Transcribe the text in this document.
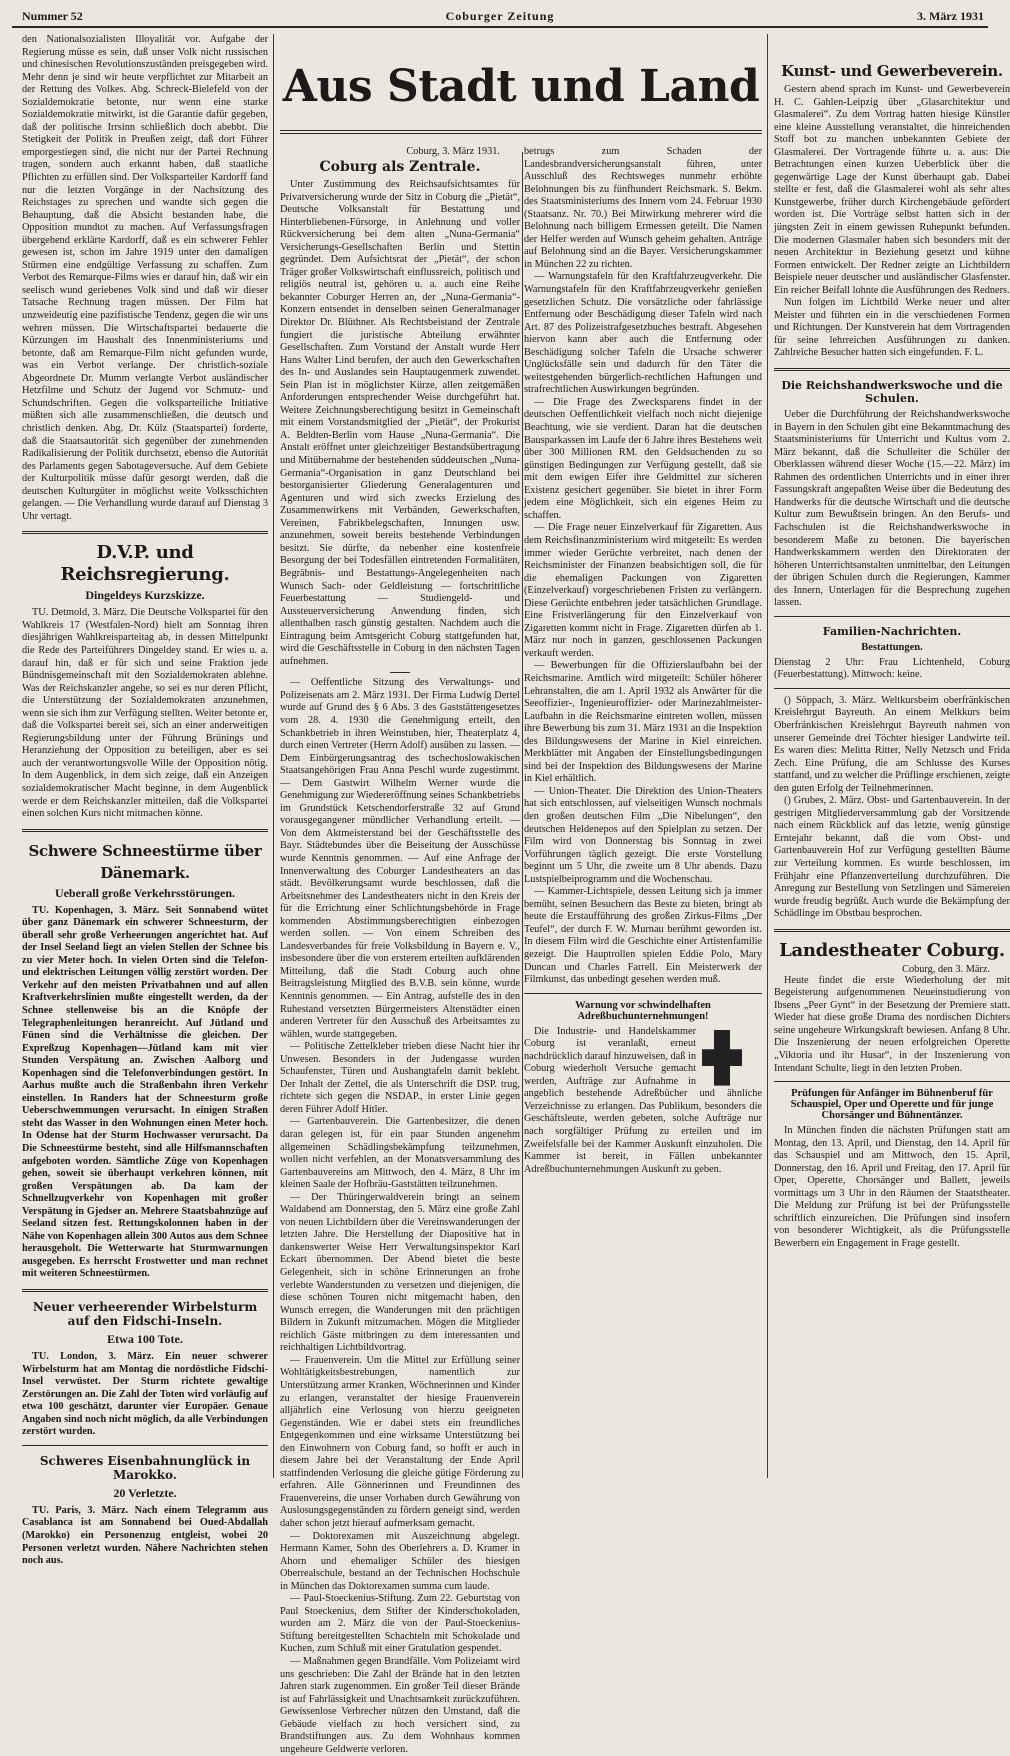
Nummer 52	Coburger Zeitung	3. März 1931
Aus Stadt und Land

den Nationalsozialisten Illoyalität vor. Aufgabe der Regierung müsse es sein, daß unser Volk nicht russischen und chinesischen Revolutionszuständen preisgegeben wird. Mehr denn je sind wir heute verpflichtet zur Mitarbeit an der Rettung des Volkes. Abg. Schreck-Bielefeld von der Sozialdemokratie betonte, nur wenn eine starke Sozialdemokratie mitwirkt, ist die Garantie dafür gegeben, daß der politische Irrsinn schließlich doch abebbt. Die Stetigkeit der Politik in Preußen zeigt, daß dort Führer emporgestiegen sind, die nicht nur der Partei Rechnung tragen, sondern auch erkannt haben, daß staatliche Pflichten zu erfüllen sind. Der Volksparteiler Kardorff fand nur die letzten Vorgänge in der Nachsitzung des Reichstages zu sprechen und wandte sich gegen die Behauptung, daß die Absicht bestanden habe, die Opposition mundtot zu machen. Auf Verfassungsfragen übergehend erklärte Kardorff, daß es ein schwerer Fehler gewesen ist, schon im Jahre 1919 unter den damaligen Stürmen eine endgültige Verfassung zu schaffen. Zum Verbot des Remarque-Films wies er darauf hin, daß wir ein seelisch wund geriebenes Volk sind und daß wir dieser Tatsache Rechnung tragen müssen. Der Film hat unzweideutig eine pazifistische Tendenz, gegen die wir uns wehren müssen. Die Wirtschaftspartei bedauerte die Kürzungen im Haushalt des Innenministeriums und betonte, daß am Remarque-Film nicht gefunden wurde, was ein Verbot verlange. Der christlich-soziale Abgeordnete Dr. Mumm verlangte Verbot ausländischer Hetzfilme und Schutz der Jugend vor Schmutz- und Schundschriften. Gegen die volksparteiliche Initiative müßten sich alle zusammenschließen, die deutsch und christlich denken. Abg. Dr. Külz (Staatspartei) forderte, daß die Staatsautorität sich gegenüber der zunehmenden Radikalisierung der Politik durchsetzt, ebenso die Autorität des Parlaments gegen Sabotageversuche. Auf dem Gebiete der Kulturpolitik müsse dafür gesorgt werden, daß die deutschen Kulturgüter in möglichst weite Volksschichten gelangen. — Die Verhandlung wurde darauf auf Dienstag 3 Uhr vertagt.

D.V.P. und Reichsregierung.
Dingeldeys Kurzskizze.

TU. Detmold, 3. März. Die Deutsche Volkspartei für den Wahlkreis 17 (Westfalen-Nord) hielt am Sonntag ihren diesjährigen Wahlkreisparteitag ab, in dessen Mittelpunkt die Rede des Parteiführers Dingeldey stand. Er wies u. a. darauf hin, daß er für sich und seine Fraktion jede Bündnisgemeinschaft mit den Sozialdemokraten ablehne. Was der Reichskanzler angehe, so sei es nur deren Pflicht, die Unterstützung der Sozialdemokraten anzunehmen, wenn sie sich ihm zur Verfügung stellten. Weiter betonte er, daß die Volkspartei bereit sei, sich an einer anderweitigen Regierungsbildung unter der Führung Brünings und Heranziehung der Opposition zu beteiligen, aber es sei auch der verantwortungsvolle Wille der Opposition nötig. In dem Augenblick, in dem sich zeige, daß ein Anzeigen sozialdemokratischer Macht beginne, in dem Augenblick werde er dem Reichskanzler mitteilen, daß die Volkspartei einen solchen Kurs nicht mitmachen könne.

Schwere Schneestürme über Dänemark.
Ueberall große Verkehrsstörungen.

TU. Kopenhagen, 3. März. Seit Sonnabend wütet über ganz Dänemark ein schwerer Schneesturm, der überall sehr große Verheerungen angerichtet hat. Auf der Insel Seeland liegt an vielen Stellen der Schnee bis zu vier Meter hoch. In vielen Orten sind die Telefon- und elektrischen Leitungen völlig zerstört worden. Der Verkehr auf den meisten Privatbahnen und auf allen Kraftverkehrslinien mußte eingestellt werden, da der Schnee stellenweise bis an die Knöpfe der Telegraphenleitungen heranreicht. Auf Jütland und Fünen sind die Verhältnisse die gleichen. Der Expreßzug Kopenhagen—Jütland kam mit vier Stunden Verspätung an. Zwischen Aalborg und Kopenhagen sind die Telefonverbindungen gestört. In Aarhus mußte auch die Straßenbahn ihren Verkehr einstellen. In Randers hat der Schneesturm große Ueberschwemmungen verursacht. In einigen Straßen steht das Wasser in den Wohnungen einen Meter hoch. In Odense hat der Sturm Hochwasser verursacht. Da Die Schneestürme besteht, sind alle Hilfsmannschaften aufgeboten worden. Sämtliche Züge von Kopenhagen gehen, soweit sie überhaupt verkehren können, mit großen Verspätungen ab. Da kam der Schnellzugverkehr von Kopenhagen mit großer Verspätung in Gjedser an. Mehrere Staatsbahnzüge auf Seeland sitzen fest. Rettungskolonnen haben in der Nähe von Kopenhagen allein 300 Autos aus dem Schnee herausgeholt. Die Wetterwarte hat Sturmwarnungen ausgegeben. Es herrscht Frostwetter und man rechnet mit weiteren Schneestürmen.

Neuer verheerender Wirbelsturm auf den Fidschi-Inseln.
Etwa 100 Tote.

TU. London, 3. März. Ein neuer schwerer Wirbelsturm hat am Montag die nordöstliche Fidschi-Insel verwüstet. Der Sturm richtete gewaltige Zerstörungen an. Die Zahl der Toten wird vorläufig auf etwa 100 geschätzt, darunter vier Europäer. Genaue Angaben sind noch nicht möglich, da alle Verbindungen zerstört wurden.

Schweres Eisenbahnunglück in Marokko.
20 Verletzte.

TU. Paris, 3. März. Nach einem Telegramm aus Casablanca ist am Sonnabend bei Oued-Abdallah (Marokko) ein Personenzug entgleist, wobei 20 Personen verletzt wurden. Nähere Nachrichten stehen noch aus.

Coburg, 3. März 1931.
Coburg als Zentrale.

Unter Zustimmung des Reichsaufsichtsamtes für Privatversicherung wurde der Sitz in Coburg die „Pietät“, Deutsche Volksanstalt für Bestattung und Hinterbliebenen-Fürsorge, in Anlehnung und voller Rückversicherung bei dem alten „Nuna-Germania“ Versicherungs-Gesellschaften Berlin und Stettin gegründet. Dem Aufsichtsrat der „Pietät“, der schon Träger großer Volkswirtschaft einflussreich, politisch und religiös neutral ist, gehören u. a. auch eine Reihe bekannter Coburger Herren an, der „Nuna-Germania“-Konzern entsendet in denselben seinen Generalmanager Direktor Dr. Blüthner. Als Rechtsbeistand der Zentrale fungiert die juristische Abteilung erwähnter Gesellschaften. Zum Vorstand der Anstalt wurde Herr Hans Walter Lind berufen, der auch den Gewerkschaften des In- und Auslandes sein Hauptaugenmerk zuwendet. Sein Plan ist in möglichster Kürze, allen zeitgemäßen Anforderungen entsprechender Weise durchgeführt hat. Weitere Zeichnungsberechtigung besitzt in Gemeinschaft mit einem Vorstandsmitglied der „Pietät“, der Prokurist A. Beldten-Berlin vom Hause „Nuna-Germania“. Die Anstalt eröffnet unter gleichzeitiger Bestandsübertragung und Mitübernahme der bestehenden süddeutschen „Nuna-Germania“-Organisation in ganz Deutschland bei bestorganisierter Gliederung Generalagenturen und Agenturen und wird sich zwecks Erzielung des Zusammenwirkens mit Verbänden, Gewerkschaften, Vereinen, Fabrikbelegschaften, Innungen usw. anzunehmen, soweit bereits bestehende Verbindungen besitzt. Sie dürfte, da nebenher eine kostenfreie Besorgung der bei Todesfällen eintretenden Formalitäten, Begräbnis- und Bestattungs-Angelegenheiten nach Wunsch Sach- oder Geldleistung — fortschrittliche Feuerbestattung — Studiengeld- und Aussteuerversicherung Anwendung finden, sich allenthalben rasch günstig gestalten. Nachdem auch die Eintragung beim Amtsgericht Coburg stattgefunden hat, wird die Geschäftsstelle in Coburg in den nächsten Tagen aufnehmen.

— Oeffentliche Sitzung des Verwaltungs- und Polizeisenats am 2. März 1931. Der Firma Ludwig Dertel wurde auf Grund des § 6 Abs. 3 des Gaststättengesetzes vom 28. 4. 1930 die Genehmigung erteilt, den Schankbetrieb in ihren Weinstuben, hier, Theaterplatz 4, durch einen Vertreter (Herrn Adolf) ausüben zu lassen. — Dem Einbürgerungsantrag des tschechoslowakischen Staatsangehörigen Frau Anna Peschl wurde zugestimmt. — Dem Gastwirt Wilhelm Werner wurde die Genehmigung zur Wiedereröffnung seines Schankbetriebs im Grundstück Ketschendorferstraße 32 auf Grund vorausgegangener mündlicher Verhandlung erteilt. — Von dem Aktmeisterstand bei der Geschäftsstelle des Bayr. Städtebundes über die Beiseitung der Ausschüsse wurde Kenntnis genommen. — Auf eine Anfrage der Innenverwaltung des Coburger Landestheaters an das städt. Bevölkerungsamt wurde beschlossen, daß die Arbeitsnehmer des Landestheaters nicht in den Kreis der für die Errichtung einer Schlichtungsbehörde in Frage kommenden Abstimmungsberechtigten einbezogen werden sollen. — Von einem Schreiben des Landesverbandes für freie Volksbildung in Bayern e. V., insbesondere über die von ersterem erteilten aufklärenden Mitteilung, daß die Stadt Coburg auch ohne Beitragsleistung Mitglied des B.V.B. sein könne, wurde Kenntnis genommen. — Ein Antrag, aufstelle des in den Ruhestand versetzten Bürgermeisters Altenstädter einen anderen Vertreter für den Ausschuß des Arbeitsamtes zu wählen, wurde stattgegeben.

— Politische Zettelkleber trieben diese Nacht hier ihr Unwesen. Besonders in der Judengasse wurden Schaufenster, Türen und Aushangtafeln damit beklebt. Der Inhalt der Zettel, die als Unterschrift die DSP. trug, richtete sich gegen die NSDAP., in erster Linie gegen deren Führer Adolf Hitler.

— Gartenbauverein. Die Gartenbesitzer, die denen daran gelegen ist, für ein paar Stunden angenehm allgemeinen Schädlingsbekämpfung teilzunehmen, wollen nicht verfehlen, an der Monatsversammlung des Gartenbauvereins am Mittwoch, den 4. März, 8 Uhr im kleinen Saale der Hofbräu-Gaststätten teilzunehmen.

— Der Thüringerwaldverein bringt an seinem Waldabend am Donnerstag, den 5. März eine große Zahl von neuen Lichtbildern über die Vereinswanderungen der letzten Jahre. Die Herstellung der Diapositive hat in dankenswerter Weise Herr Verwaltungsinspektor Karl Eckart übernommen. Der Abend bietet die beste Gelegenheit, sich in schöne Erinnerungen an frohe verlebte Wanderstunden zu versetzen und diejenigen, die diese schönen Touren nicht mitgemacht haben, den Wunsch erregen, die Wanderungen mit den prächtigen Bildern in Zukunft mitzumachen. Mögen die Mitglieder reichlich Gäste mitbringen zu dem interessanten und reichhaltigen Lichtbildvortrag.

— Frauenverein. Um die Mittel zur Erfüllung seiner Wohltätigkeitsbestrebungen, namentlich zur Unterstützung armer Kranken, Wöchnerinnen und Kinder zu erlangen, veranstaltet der hiesige Frauenverein alljährlich eine Verlosung von hierzu geeigneten Gegenständen. Wie er dabei stets ein freundliches Entgegenkommen und eine wirksame Unterstützung bei den Einwohnern von Coburg fand, so hofft er auch in diesem Jahre bei der Veranstaltung der Ende April stattfindenden Verlosung die gleiche gütige Förderung zu erfahren. Alle Gönnerinnen und Freundinnen des Frauenvereins, die unser Vorhaben durch Gewährung von Auslosungsgegenständen zu fördern geneigt sind, werden daher schon jetzt hierauf aufmerksam gemacht.

— Doktorexamen mit Auszeichnung abgelegt. Hermann Kamer, Sohn des Oberlehrers a. D. Kramer in Ahorn und ehemaliger Schüler des hiesigen Oberrealschule, bestand an der Technischen Hochschule in München das Doktorexamen summa cum laude.

— Paul-Stoeckenius-Stiftung. Zum 22. Geburtstag von Paul Stoeckenius, dem Stifter der Kinderschokoladen, wurden am 2. März die von der Paul-Stoeckenius-Stiftung bereitgestellten Schachteln mit Schokolade und Kuchen, zum Schluß mit einer Gratulation gespendet.

— Maßnahmen gegen Brandfälle. Vom Polizeiamt wird uns geschrieben: Die Zahl der Brände hat in den letzten Jahren stark zugenommen. Ein großer Teil dieser Brände ist auf Fahrlässigkeit und Unachtsamkeit zurückzuführen. Gewissenlose Verbrecher nützen den Umstand, daß die Gebäude vielfach zu hoch versichert sind, zu Brandstiftungen aus. Zu dem Wohnhaus kommen ungeheure Geldwerte verloren.

betrugs zum Schaden der Landesbrandversicherungsanstalt führen, unter Ausschluß des Rechtsweges nunmehr erhöhte Belohnungen bis zu fünfhundert Reichsmark. S. Bekm. des Staatsministeriums des Innern vom 24. Februar 1930 (Staatsanz. Nr. 70.) Bei Mitwirkung mehrerer wird die Belohnung nach billigem Ermessen geteilt. Die Namen der Helfer werden auf Wunsch geheim gehalten. Anträge auf Belohnung sind an die Bayer. Versicherungskammer in München 22 zu richten.

— Warnungstafeln für den Kraftfahrzeugverkehr. Die Warnungstafeln für den Kraftfahrzeugverkehr genießen gesetzlichen Schutz. Die vorsätzliche oder fahrlässige Entfernung oder Beschädigung dieser Tafeln wird nach Art. 87 des Polizeistrafgesetzbuches bestraft. Abgesehen hiervon kann aber auch die Entfernung oder Beschädigung solcher Tafeln die Ursache schwerer Unglücksfälle sein und dadurch für den Täter die weitestgehenden bürgerlich-rechtlichen Haftungen und strafrechtlichen Auswirkungen begründen.

— Die Frage des Zwecksparens findet in der deutschen Oeffentlichkeit vielfach noch nicht diejenige Beachtung, wie sie verdient. Daran hat die deutschen Bausparkassen im Laufe der 6 Jahre ihres Bestehens weit über 300 Millionen RM. den Geldsuchenden zu so günstigen Bedingungen zur Verfügung gestellt, daß sie mit dem ewigen Eifer ihre Geldmittel zur sicheren Existenz gesichert gegenüber. Sie bietet in ihrer Form jedem eine Möglichkeit, sich ein eigenes Heim zu schaffen.

— Die Frage neuer Einzelverkauf für Zigaretten. Aus dem Reichsfinanzministerium wird mitgeteilt: Es werden immer wieder Gerüchte verbreitet, nach denen der Reichsminister der Finanzen beabsichtigen soll, die für die ehemaligen Packungen von Zigaretten (Einzelverkauf) vorgeschriebenen Fristen zu verlängern. Diese Gerüchte entbehren jeder tatsächlichen Grundlage. Eine Fristverlängerung für den Einzelverkauf von Zigaretten kommt nicht in Frage. Zigaretten dürfen ab 1. März nur noch in ganzen, geschlossenen Packungen verkauft werden.

— Bewerbungen für die Offizierslaufbahn bei der Reichsmarine. Amtlich wird mitgeteilt: Schüler höherer Lehranstalten, die am 1. April 1932 als Anwärter für die Seeoffizier-, Ingenieuroffizier- oder Marinezahlmeister-Laufbahn in die Reichsmarine eintreten wollen, müssen ihre Bewerbung bis zum 31. März 1931 an die Inspektion des Bildungswesens der Marine in Kiel einreichen. Merkblätter mit Angaben der Einstellungsbedingungen sind bei der Inspektion des Bildungswesens der Marine in Kiel erhältlich.

— Union-Theater. Die Direktion des Union-Theaters hat sich entschlossen, auf vielseitigen Wunsch nochmals den großen deutschen Film „Die Nibelungen“, den deutschen Heldenepos auf den Spielplan zu setzen. Der Film wird von Donnerstag bis Sonntag in zwei Vorführungen täglich gezeigt. Die erste Vorstellung beginnt um 5 Uhr, die zweite um 8 Uhr abends. Dazu Lustspielbeiprogramm und die Wochenschau.

— Kammer-Lichtspiele, dessen Leitung sich ja immer bemüht, seinen Besuchern das Beste zu bieten, bringt ab heute die Erstaufführung des großen Zirkus-Films „Der Teufel“, der durch F. W. Murnau berühmt geworden ist. In diesem Film wird die Geschichte einer Artistenfamilie gezeigt. Die Hauptrollen spielen Eddie Polo, Mary Duncan und Charles Farrell. Ein Meisterwerk der Filmkunst, das unbedingt gesehen werden muß.

Warnung vor schwindelhaften Adreßbuchunternehmungen!

Die Industrie- und Handelskammer Coburg ist veranlaßt, erneut nachdrücklich darauf hinzuweisen, daß in Coburg wiederholt Versuche gemacht werden, Aufträge zur Aufnahme in angeblich bestehende Adreßbücher und ähnliche Verzeichnisse zu erlangen. Das Publikum, besonders die Geschäftsleute, werden gebeten, solche Aufträge nur nach sorgfältiger Prüfung zu erteilen und im Zweifelsfalle bei der Kammer Auskunft einzuholen. Die Kammer ist bereit, in Fällen unbekannter Adreßbuchunternehmungen Auskunft zu geben.

Kunst- und Gewerbeverein.

Gestern abend sprach im Kunst- und Gewerbeverein H. C. Gahlen-Leipzig über „Glasarchitektur und Glasmalerei“. Zu dem Vortrag hatten hiesige Künstler eine kleine Ausstellung veranstaltet, die hinreichenden Stoff bot zu manchen unbekannten Gebiete der Glasmalerei. Der Vortragende führte u. a. aus: Die Betrachtungen einen kurzen Ueberblick über die gegenwärtige Lage der Kunst überhaupt gab. Dabei stellte er fest, daß die Glasmalerei wohl als sehr altes Kunstgewerbe, früher durch Kirchengebäude gefördert worden ist. Die Vorträge selbst hatten sich in der jüngsten Zeit in einem gewissen Ruhepunkt befunden. Die modernen Glasmaler haben sich besonders mit der neuen Architektur in Beziehung gesetzt und kühne Formen entwickelt. Der Redner zeigte an Lichtbildern Beispiele neuer deutscher und ausländischer Glasfenster. Ein reicher Beifall lohnte die Ausführungen des Redners.

Nun folgen im Lichtbild Werke neuer und alter Meister und führten ein in die verschiedenen Formen und Richtungen. Der Kunstverein hat dem Vortragenden für seine lehrreichen Ausführungen zu danken. Zahlreiche Besucher hatten sich eingefunden. F. L.

Die Reichshandwerkswoche und die Schulen.

Ueber die Durchführung der Reichshandwerkswoche in Bayern in den Schulen gibt eine Bekanntmachung des Staatsministeriums für Unterricht und Kultus vom 2. März bekannt, daß die Schulleiter die Schüler der Oberklassen während dieser Woche (15.—22. März) im Rahmen des ordentlichen Unterrichts und in einer ihrer Fassungskraft angepaßten Weise über die Bedeutung des Handwerks für die deutsche Wirtschaft und die deutsche Kultur zum Bewußtsein bringen. An den Berufs- und Fachschulen ist die Reichshandwerkswoche in besonderem Maße zu betonen. Die bayerischen Handwerkskammern werden den Direktoraten der höheren Unterrichtsanstalten unmittelbar, den Leitungen der übrigen Schulen durch die Regierungen, Kammer des Innern, Unterlagen für die Besprechung zugehen lassen.

Familien-Nachrichten.
Bestattungen.

Dienstag 2 Uhr: Frau Lichtenheld, Coburg (Feuerbestattung). Mittwoch: keine.

() Söppach, 3. März. Weltkursbeim oberfränkischen Kreislehrgut Bayreuth. An einem Melkkurs beim Oberfränkischen Kreislehrgut Bayreuth nahmen von unserer Gemeinde drei Töchter hiesiger Landwirte teil. Es waren dies: Melitta Ritter, Nelly Netzsch und Frida Zech. Eine Prüfung, die am Schlusse des Kurses stattfand, und zu welcher die Prüflinge erschienen, zeigte den guten Erfolg der Teilnehmerinnen.

() Grubes, 2. März. Obst- und Gartenbauverein. In der gestrigen Mitgliederversammlung gab der Vorsitzende nach einem Rückblick auf das letzte, wenig günstige Erntejahr bekannt, daß die vom Obst- und Gartenbauverein Hof zur Verfügung gestellten Bäume zur Verteilung kommen. Es wurde beschlossen, im Frühjahr eine Pflanzenverteilung durchzuführen. Die Anregung zur Bestellung von Setzlingen und Sämereien wurde freudig begrüßt. Auch wurde die Bekämpfung der Schädlinge im Obstbau besprochen.

Landestheater Coburg.
Coburg, den 3. März.

Heute findet die erste Wiederholung der mit Begeisterung aufgenommenen Neueinstudierung von Ibsens „Peer Gynt“ in der Besetzung der Premiere statt. Wieder hat diese große Drama des nordischen Dichters seine ungeheure Wirkungskraft bewiesen. Anfang 8 Uhr. Die Inszenierung der neuen erfolgreichen Operette „Viktoria und ihr Husar“, in der Inszenierung von Intendant Schulte, liegt in den letzten Proben.

Prüfungen für Anfänger im Bühnenberuf für Schauspiel, Oper und Operette und für junge Chorsänger und Bühnentänzer.

In München finden die nächsten Prüfungen statt am Montag, den 13. April, und Dienstag, den 14. April für das Schauspiel und am Mittwoch, den 15. April, Donnerstag, den 16. April und Freitag, den 17. April für Oper, Operette, Chorsänger und Ballett, jeweils vormittags um 3 Uhr in den Räumen der Staatstheater. Die Meldung zur Prüfung ist bei der Prüfungsstelle schriftlich einzureichen. Die Prüfungen sind insofern von besonderer Wichtigkeit, als die Prüfungsstelle Bewerbern ein Engagement in Frage gestellt.
